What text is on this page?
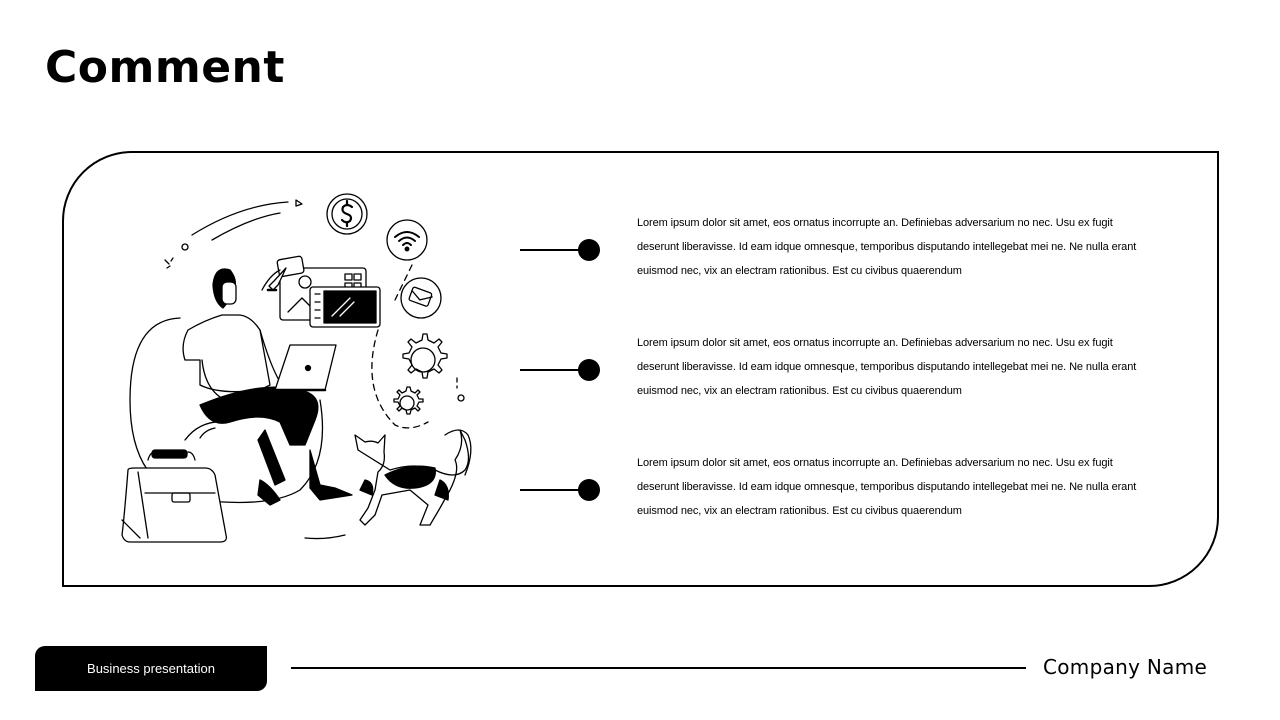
Comment
Lorem ipsum dolor sit amet, eos ornatus incorrupte an. Definiebas adversarium no nec. Usu ex fugit deserunt liberavisse. Id eam idque omnesque, temporibus disputando intellegebat mei ne. Ne nulla erant euismod nec, vix an electram rationibus. Est cu civibus quaerendum
Lorem ipsum dolor sit amet, eos ornatus incorrupte an. Definiebas adversarium no nec. Usu ex fugit deserunt liberavisse. Id eam idque omnesque, temporibus disputando intellegebat mei ne. Ne nulla erant euismod nec, vix an electram rationibus. Est cu civibus quaerendum
Lorem ipsum dolor sit amet, eos ornatus incorrupte an. Definiebas adversarium no nec. Usu ex fugit deserunt liberavisse. Id eam idque omnesque, temporibus disputando intellegebat mei ne. Ne nulla erant euismod nec, vix an electram rationibus. Est cu civibus quaerendum
Business presentation	Company Name
